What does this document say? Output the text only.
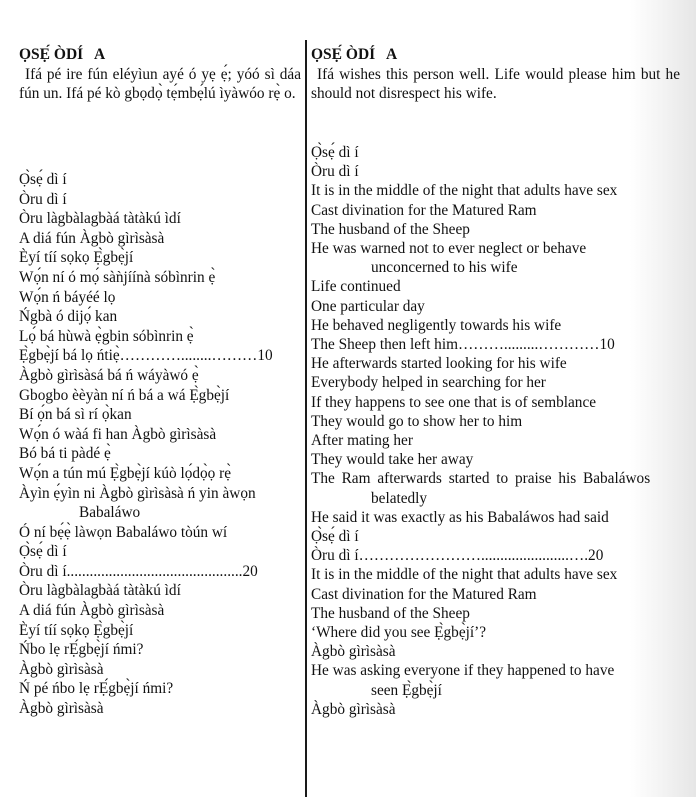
ỌSẸ́ ÒDÍ   A

Ifá pé ire fún eléyìun ayé ó yẹ ẹ́; yóó sì dáa fún un. Ifá pé kò gbọdọ̀ tẹ́mbẹ́lú ìyàwóo rẹ̀ o.

Ọ̀sẹ́ dì í
Òru dì í
Òru làgbàlagbàá tàtàkú ìdí
A diá fún Àgbò gìrìsàsà
Èyí tíí sọkọ Ẹ̀gbẹ̀jí
Wọ́n ní ó mọ́ sàǹjíínà sóbìnrin ẹ̀
Wọ́n ń báyéé lọ
Ńgbà ó dijọ́ kan
Lọ́ bá hùwà ẹ̀gbin sóbìnrin ẹ̀
Ẹ̀gbẹ̀jí bá lọ ńtiẹ̀…………........………10
Àgbò gìrìsàsá bá ń wáyàwó ẹ̀
Gbogbo èèyàn ní ń bá a wá Ẹ̀gbẹ̀jí
Bí ọ́n bá sì rí ọ̀kan
Wọ́n ó wàá fi han Àgbò gìrìsàsà
Bó bá ti pàdé ẹ̀
Wọ́n a tún mú Ẹ̀gbẹ̀jí kúò lọ́dọ̀ọ rẹ̀
Àyìn ẹ́yìn ni Àgbò gìrìsàsà ń yin àwọn
Babaláwo
Ó ní bẹ́ẹ̀ làwọn Babaláwo tòún wí
Ọ̀sẹ́ dì í
Òru dì í..............................................20
Òru làgbàlagbàá tàtàkú ìdí
A diá fún Àgbò gìrìsàsà
Èyí tíí sọkọ Ẹ̀gbẹ̀jí
Ńbo lẹ rẸ́gbẹ̀jí ńmi?
Àgbò gìrìsàsà
Ń pé ńbo lẹ rẸ́gbẹ̀jí ńmi?
Àgbò gìrìsàsà
ỌSẸ́ ÒDÍ   A

Ifá wishes this person well. Life would please him but he should not disrespect his wife.

Ọ̀sẹ́ dì í
Òru dì í
It is in the middle of the night that adults have sex
Cast divination for the Matured Ram
The husband of the Sheep
He was warned not to ever neglect or behave
unconcerned to his wife
Life continued
One particular day
He behaved negligently towards his wife
The Sheep then left him……….........…………10
He afterwards started looking for his wife
Everybody helped in searching for her
If they happens to see one that is of semblance
They would go to show her to him
After mating her
They would take her away
The Ram afterwards started to praise his Babaláwos
belatedly
He said it was exactly as his Babaláwos had said
Ọ̀sẹ́ dì í
Òru dì í…………………….......................….20
It is in the middle of the night that adults have sex
Cast divination for the Matured Ram
The husband of the Sheep
‘Where did you see Ẹ̀gbẹ̀jí’?
Àgbò gìrìsàsà
He was asking everyone if they happened to have
seen Ẹ̀gbẹ̀jí
Àgbò gìrìsàsà
